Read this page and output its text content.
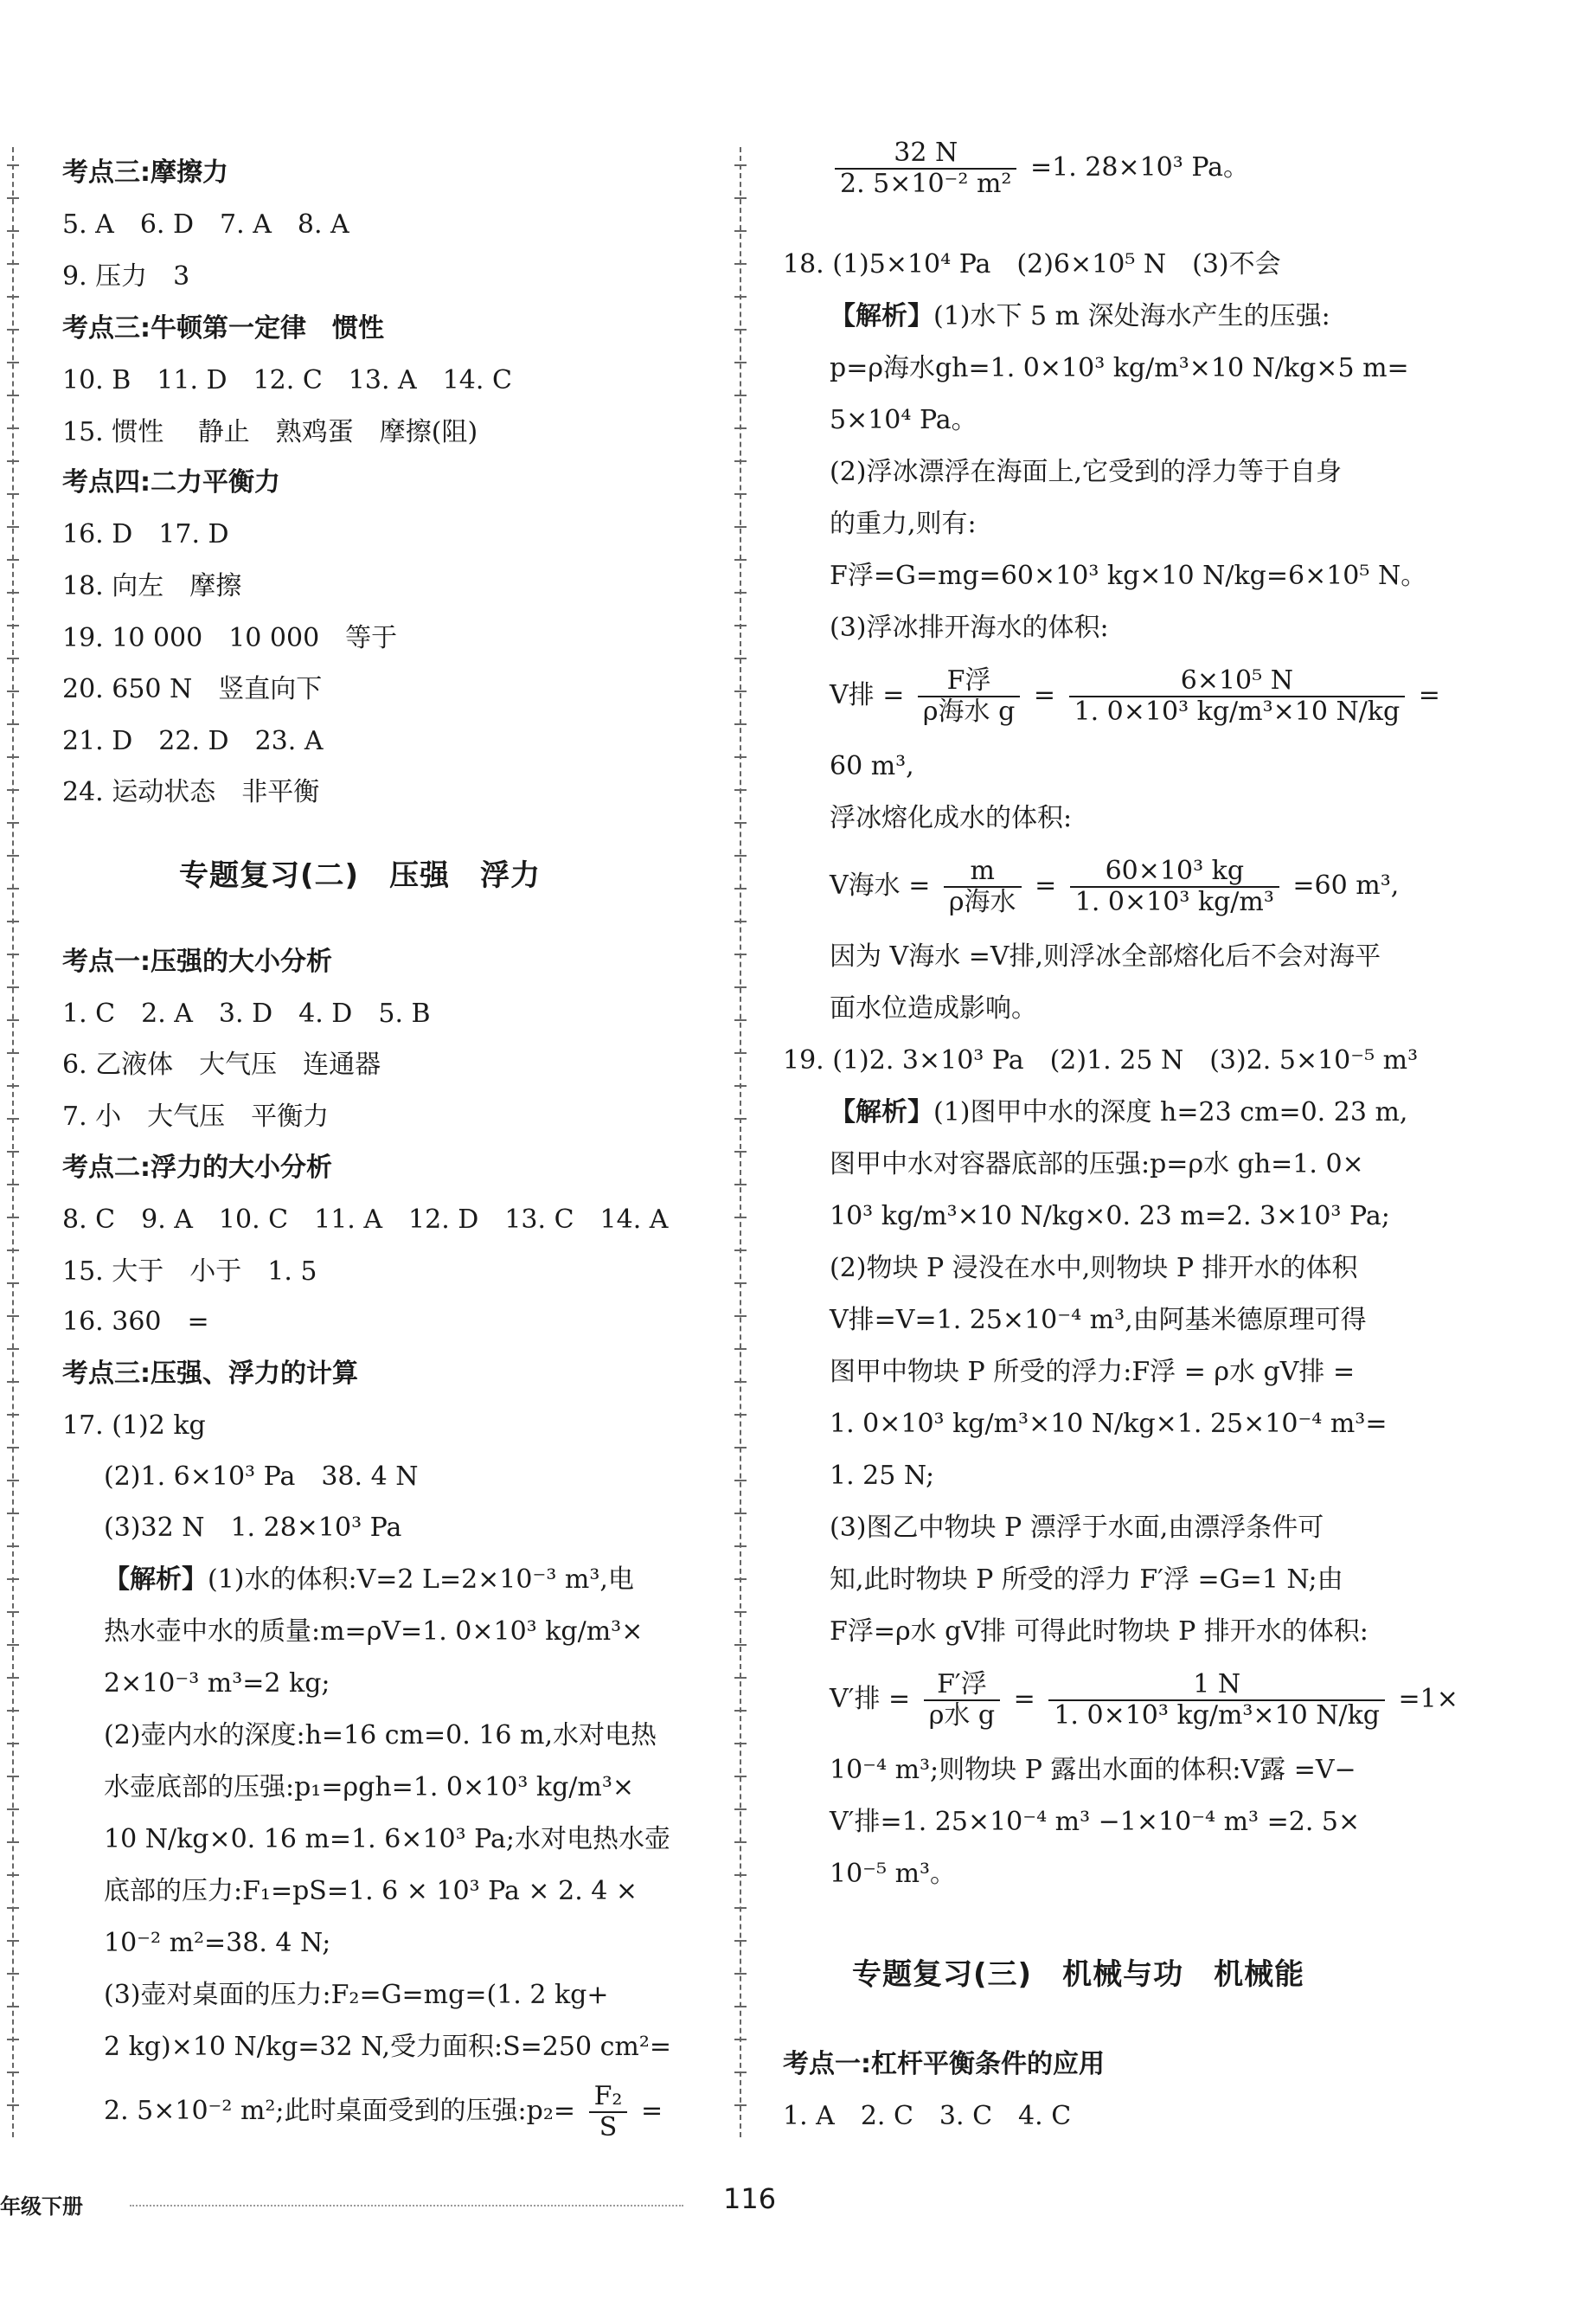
考点三:摩擦力
5. A　6. D　7. A　8. A
9. 压力　3
考点三:牛顿第一定律　惯性
10. B　11. D　12. C　13. A　14. C
15. 惯性　 静止　熟鸡蛋　摩擦(阻)
考点四:二力平衡力
16. D　17. D
18. 向左　摩擦
19. 10 000　10 000　等于
20. 650 N　竖直向下
21. D　22. D　23. A
24. 运动状态　非平衡
专题复习(二)　压强　浮力
考点一:压强的大小分析
1. C　2. A　3. D　4. D　5. B
6. 乙液体　大气压　连通器
7. 小　大气压　平衡力
考点二:浮力的大小分析
8. C　9. A　10. C　11. A　12. D　13. C　14. A
15. 大于　小于　1. 5
16. 360　=
考点三:压强、浮力的计算
17. (1)2 kg
(2)1. 6×10³ Pa　38. 4 N
(3)32 N　1. 28×10³ Pa
【解析】(1)水的体积:V=2 L=2×10⁻³ m³,电
热水壶中水的质量:m=ρV=1. 0×10³ kg/m³×
2×10⁻³ m³=2 kg;
(2)壶内水的深度:h=16 cm=0. 16 m,水对电热
水壶底部的压强:p₁=ρgh=1. 0×10³ kg/m³×
10 N/kg×0. 16 m=1. 6×10³ Pa;水对电热水壶
底部的压力:F₁=pS=1. 6 × 10³ Pa × 2. 4 ×
10⁻² m²=38. 4 N;
(3)壶对桌面的压力:F₂=G=mg=(1. 2 kg+
2 kg)×10 N/kg=32 N,受力面积:S=250 cm²=
2. 5×10⁻² m²;此时桌面受到的压强:p₂= $\frac{\text{F₂}}{S}$ =
$\frac{32 N}{\text{2. 5×10⁻² m²}} =1$. 28×10³ Pa。
18. (1)5×10⁴ Pa　(2)6×10⁵ N　(3)不会
【解析】(1)水下 5 m 深处海水产生的压强:
p=ρ海水gh=1. 0×10³ kg/m³×10 N/kg×5 m=
5×10⁴ Pa。
(2)浮冰漂浮在海面上,它受到的浮力等于自身
的重力,则有:
F浮=G=mg=60×10³ kg×10 N/kg=6×10⁵ N。
(3)浮冰排开海水的体积:
V排 = $\frac{\text{F浮}}{\text{ρ海水 g}} = \frac{\text{6×10⁵ N}}{\text{1. 0×10³ kg/m³×10 N/kg}}$ =
60 m³,
浮冰熔化成水的体积:
V海水 = $\frac{m}{\text{ρ海水}} = \frac{\text{60×10³ kg}}{\text{1. 0×10³ kg/m³}} =60$ m³,
因为 V海水 =V排,则浮冰全部熔化后不会对海平
面水位造成影响。
19. (1)2. 3×10³ Pa　(2)1. 25 N　(3)2. 5×10⁻⁵ m³
【解析】(1)图甲中水的深度 h=23 cm=0. 23 m,
图甲中水对容器底部的压强:p=ρ水 gh=1. 0×
10³ kg/m³×10 N/kg×0. 23 m=2. 3×10³ Pa;
(2)物块 P 浸没在水中,则物块 P 排开水的体积
V排=V=1. 25×10⁻⁴ m³,由阿基米德原理可得
图甲中物块 P 所受的浮力:F浮 = ρ水 gV排 =
1. 0×10³ kg/m³×10 N/kg×1. 25×10⁻⁴ m³=
1. 25 N;
(3)图乙中物块 P 漂浮于水面,由漂浮条件可
知,此时物块 P 所受的浮力 F′浮 =G=1 N;由
F浮=ρ水 gV排 可得此时物块 P 排开水的体积:
V′排 = $\frac{\text{F′浮}}{\text{ρ水 g}} = \frac{1 N}{\text{1. 0×10³ kg/m³×10 N/kg}} =1\times$
10⁻⁴ m³;则物块 P 露出水面的体积:V露 =V−
V′排=1. 25×10⁻⁴ m³ −1×10⁻⁴ m³ =2. 5×
10⁻⁵ m³。
专题复习(三)　机械与功　机械能
考点一:杠杆平衡条件的应用
1. A　2. C　3. C　4. C
年级下册	116
